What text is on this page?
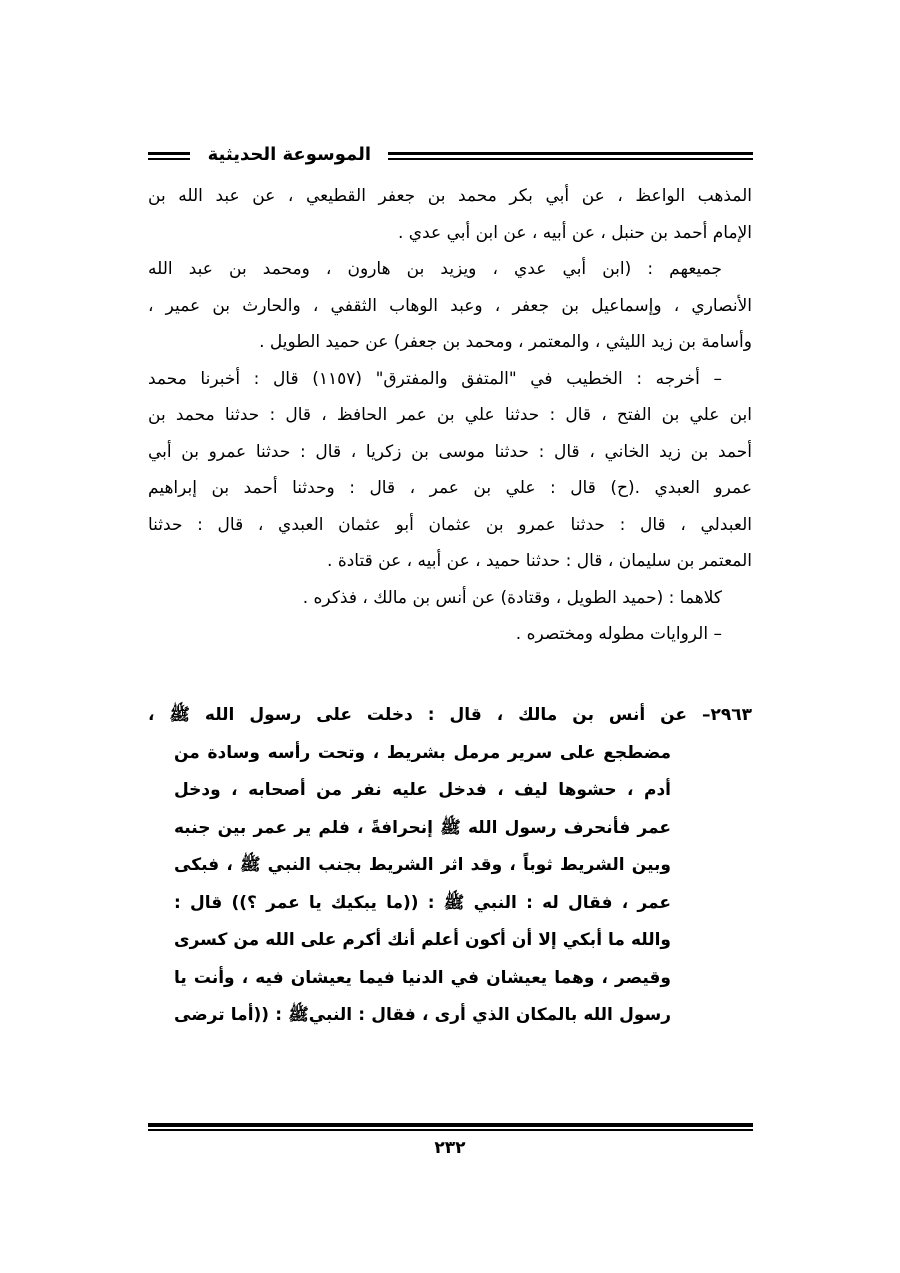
الموسوعة الحديثية

المذهب الواعظ ، عن أبي بكر محمد بن جعفر القطيعي ، عن عبد الله بن
الإمام أحمد بن حنبل ، عن أبيه ، عن ابن أبي عدي .

جميعهم : (ابن أبي عدي ، ويزيد بن هارون ، ومحمد بن عبد الله
الأنصاري ، وإسماعيل بن جعفر ، وعبد الوهاب الثقفي ، والحارث بن عمير ،
وأسامة بن زيد الليثي ، والمعتمر ، ومحمد بن جعفر) عن حميد الطويل .

– أخرجه : الخطيب في "المتفق والمفترق" (١١٥٧) قال : أخبرنا محمد
ابن علي بن الفتح ، قال : حدثنا علي بن عمر الحافظ ، قال : حدثنا محمد بن
أحمد بن زيد الخاني ، قال : حدثنا موسى بن زكريا ، قال : حدثنا عمرو بن أبي
عمرو العبدي .(ح) قال : علي بن عمر ، قال : وحدثنا أحمد بن إبراهيم
العبدلي ، قال : حدثنا عمرو بن عثمان أبو عثمان العبدي ، قال : حدثنا
المعتمر بن سليمان ، قال : حدثنا حميد ، عن أبيه ، عن قتادة .

كلاهما : (حميد الطويل ، وقتادة) عن أنس بن مالك ، فذكره .

– الروايات مطوله ومختصره .

٢٩٦٣– عن أنس بن مالك ، قال : دخلت على رسول الله ﷺ ،
مضطجع على سرير مرمل بشريط ، وتحت رأسه وسادة من
أدم ، حشوها ليف ، فدخل عليه نفر من أصحابه ، ودخل
عمر فأنحرف رسول الله ﷺ إنحرافةً ، فلم ير عمر بين جنبه
وبين الشريط ثوباً ، وقد اثر الشريط بجنب النبي ﷺ ، فبكى
عمر ، فقال له : النبي ﷺ : ((ما يبكيك يا عمر ؟)) قال :
والله ما أبكي إلا أن أكون أعلم أنك أكرم على الله من كسرى
وقيصر ، وهما يعيشان في الدنيا فيما يعيشان فيه ، وأنت يا
رسول الله بالمكان الذي أرى ، فقال : النبيﷺ : ((أما ترضى
٢٣٢
